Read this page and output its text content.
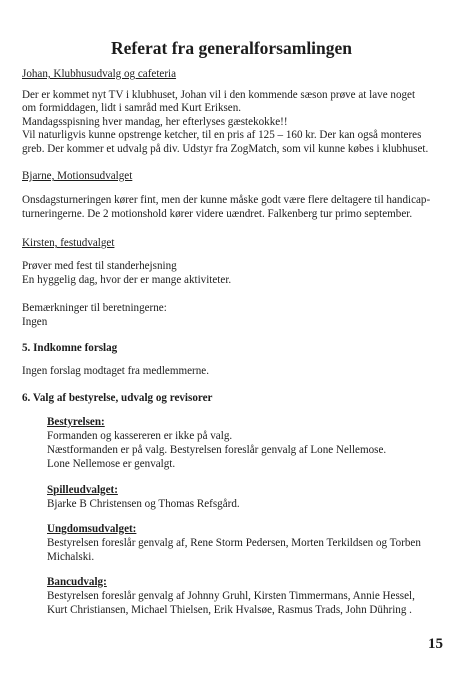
Referat fra generalforsamlingen

Johan, Klubhusudvalg og cafeteria

Der er kommet nyt TV i klubhuset, Johan vil i den kommende sæson prøve at lave noget

om formiddagen, lidt i samråd med Kurt Eriksen.

Mandagsspisning hver mandag, her efterlyses gæstekokke!!

Vil naturligvis kunne opstrenge ketcher, til en pris af 125 – 160 kr. Der kan også monteres

greb. Der kommer et udvalg på div. Udstyr fra ZogMatch, som vil kunne købes i klubhuset.

Bjarne, Motionsudvalget

Onsdagsturneringen kører fint, men der kunne måske godt være flere deltagere til handicap-

turneringerne. De 2 motionshold kører videre uændret. Falkenberg tur primo september.

Kirsten, festudvalget

Prøver med fest til standerhejsning

En hyggelig dag, hvor der er mange aktiviteter.

Bemærkninger til beretningerne:

Ingen

5. Indkomne forslag

Ingen forslag modtaget fra medlemmerne.

6. Valg af bestyrelse, udvalg og revisorer

Bestyrelsen:

Formanden og kassereren er ikke på valg.

Næstformanden er på valg. Bestyrelsen foreslår genvalg af Lone Nellemose.

Lone Nellemose er genvalgt.

Spilleudvalget:

Bjarke B Christensen og Thomas Refsgård.

Ungdomsudvalget:

Bestyrelsen foreslår genvalg af, Rene Storm Pedersen, Morten Terkildsen og Torben

Michalski.

Bancudvalg:

Bestyrelsen foreslår genvalg af Johnny Gruhl, Kirsten Timmermans, Annie Hessel,

Kurt Christiansen, Michael Thielsen, Erik Hvalsøe, Rasmus Trads, John Dühring .

15
